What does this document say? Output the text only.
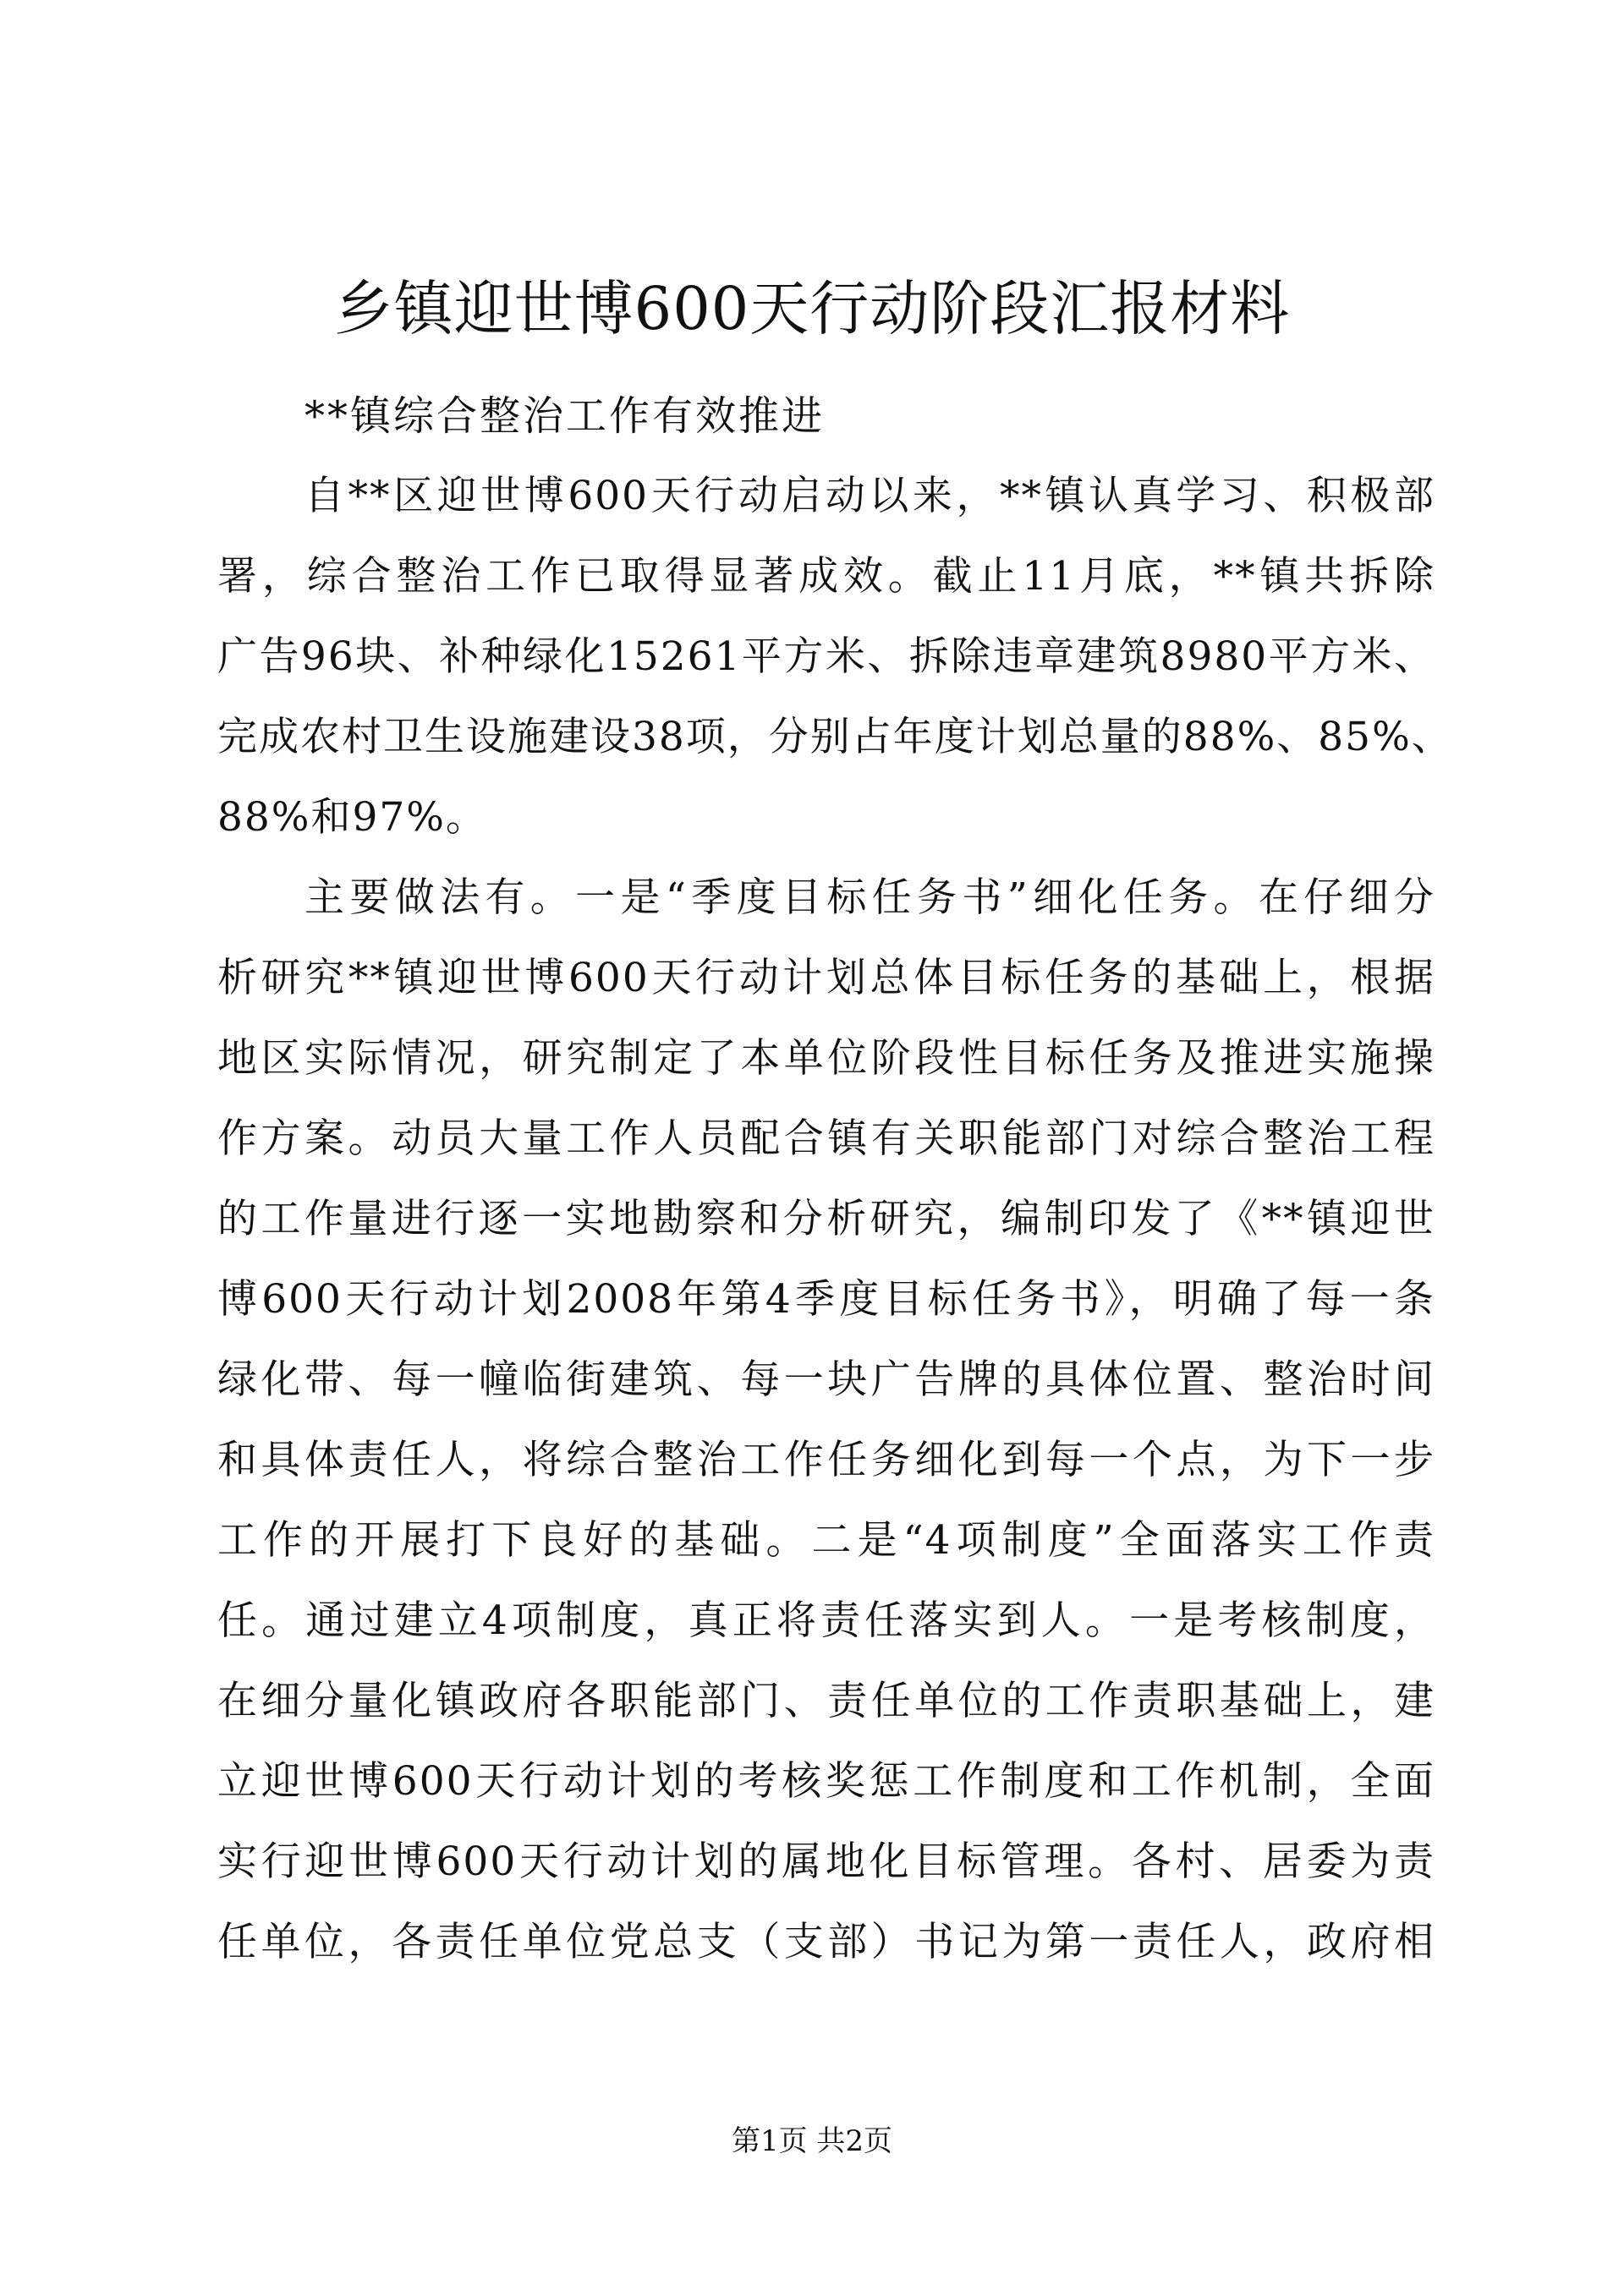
乡镇迎世博600天行动阶段汇报材料

**镇综合整治工作有效推进

自**区迎世博600天行动启动以来，**镇认真学习、积极部

署，综合整治工作已取得显著成效。截止11月底，**镇共拆除

广告96块、补种绿化15261平方米、拆除违章建筑8980平方米、

完成农村卫生设施建设38项，分别占年度计划总量的88%、85%、

88%和97%。

主要做法有。一是“季度目标任务书”细化任务。在仔细分

析研究**镇迎世博600天行动计划总体目标任务的基础上，根据

地区实际情况，研究制定了本单位阶段性目标任务及推进实施操

作方案。动员大量工作人员配合镇有关职能部门对综合整治工程

的工作量进行逐一实地勘察和分析研究，编制印发了《**镇迎世

博600天行动计划2008年第4季度目标任务书》，明确了每一条

绿化带、每一幢临街建筑、每一块广告牌的具体位置、整治时间

和具体责任人，将综合整治工作任务细化到每一个点，为下一步

工作的开展打下良好的基础。二是“4项制度”全面落实工作责

任。通过建立4项制度，真正将责任落实到人。一是考核制度，

在细分量化镇政府各职能部门、责任单位的工作责职基础上，建

立迎世博600天行动计划的考核奖惩工作制度和工作机制，全面

实行迎世博600天行动计划的属地化目标管理。各村、居委为责

任单位，各责任单位党总支（支部）书记为第一责任人，政府相

第1页 共2页
